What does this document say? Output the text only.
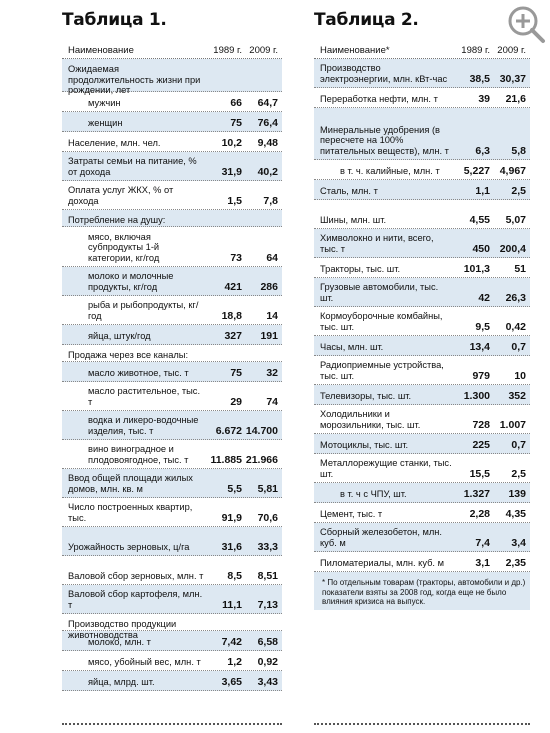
Таблица 1.
Наименование	1989 г. 2009 г.
Ожидаемая продолжительность жизни при рождении, лет
мужчин	66	64,7
женщин	75	76,4
Население, млн. чел.	10,2	9,48
Затраты семьи на питание, % от дохода	31,9	40,2
Оплата услуг ЖКХ, % от дохода	1,5	7,8
Потребление на душу:
мясо, включая субпродукты 1-й категории, кг/год	73	64
молоко и молочные продукты, кг/год	421	286
рыба и рыбопродукты, кг/год	18,8	14
яйца, штук/год	327	191
Продажа через все каналы:
масло животное, тыс. т	75	32
масло растительное, тыс. т	29	74
водка и ликеро-водочные изделия, тыс. т	6.672 14.700
вино виноградное и плодовоягодное, тыс. т	11.885 21.966
Ввод общей площади жилых домов, млн. кв. м	5,5	5,81
Число построенных квартир, тыс.	91,9	70,6
Урожайность зерновых, ц/га	31,6	33,3
Валовой сбор зерновых, млн. т	8,5	8,51
Валовой сбор картофеля, млн. т	11,1	7,13
Производство продукции животноводства
молоко, млн. т	7,42	6,58
мясо, убойный вес, млн. т	1,2	0,92
яйца, млрд. шт.	3,65	3,43
Таблица 2.
Наименование*	1989 г. 2009 г.
Производство электроэнергии, млн. кВт-час	38,5 30,37
Переработка нефти, млн. т	39	21,6
Минеральные удобрения (в пересчете на 100% питательных веществ), млн. т	6,3	5,8
в т. ч. калийные, млн. т	5,227 4,967
Сталь, млн. т	1,1	2,5
Шины, млн. шт.	4,55	5,07
Химволокно и нити, всего, тыс. т	450 200,4
Тракторы, тыс. шт.	101,3	51
Грузовые автомобили, тыс. шт.	42	26,3
Кормоуборочные комбайны, тыс. шт.	9,5	0,42
Часы, млн. шт.	13,4	0,7
Радиоприемные устройства, тыс. шт.	979	10
Телевизоры, тыс. шт.	1.300	352
Холодильники и морозильники, тыс. шт.	728 1.007
Мотоциклы, тыс. шт.	225	0,7
Металлорежущие станки, тыс. шт.	15,5	2,5
в т. ч с ЧПУ, шт.	1.327	139
Цемент, тыс. т	2,28	4,35
Сборный железобетон, млн. куб. м	7,4	3,4
Пиломатериалы, млн. куб. м	3,1	2,35
* По отдельным товарам (тракторы, автомобили и др.) показатели взяты за 2008 год, когда еще не было влияния кризиса на выпуск.
